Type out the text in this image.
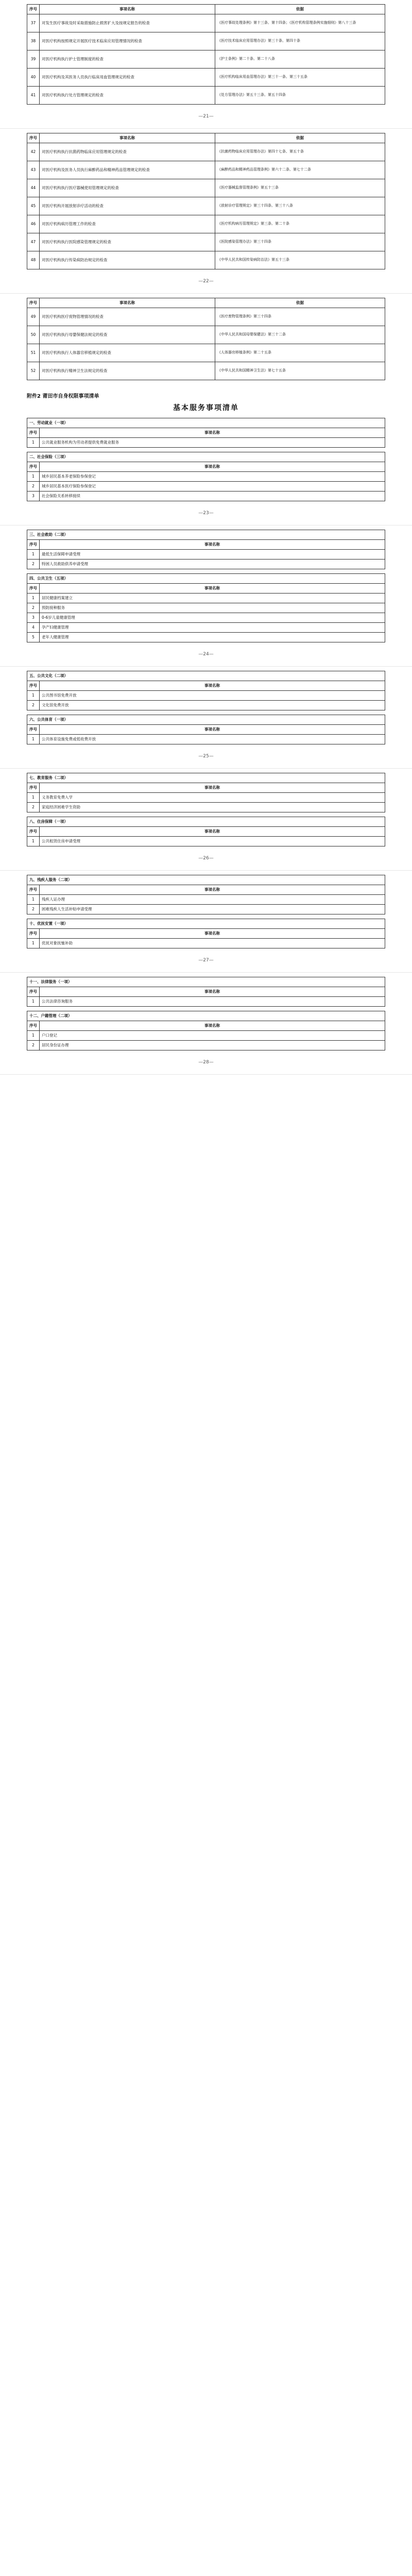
序号	事项名称	依据
37	对发生医疗事故及时采取措施防止损害扩大及按规定报告的检查	《医疗事故处理条例》第十三条、第十四条；《医疗机构管理条例实施细则》第八十三条
38	对医疗机构按照规定开展医疗技术临床应用管理情况的检查	《医疗技术临床应用管理办法》第三十条、第四十条
39	对医疗机构执行护士管理制度的检查	《护士条例》第二十条、第二十八条
40	对医疗机构及其医务人员执行临床用血管理规定的检查	《医疗机构临床用血管理办法》第三十一条、第三十五条
41	对医疗机构执行处方管理规定的检查	《处方管理办法》第五十三条、第五十四条
—21—
序号	事项名称	依据
42	对医疗机构执行抗菌药物临床应用管理规定的检查	《抗菌药物临床应用管理办法》第四十七条、第五十条
43	对医疗机构及医务人员执行麻醉药品和精神药品管理规定的检查	《麻醉药品和精神药品管理条例》第六十二条、第七十二条
44	对医疗机构执行医疗器械使用管理规定的检查	《医疗器械监督管理条例》第五十三条
45	对医疗机构开展放射诊疗活动的检查	《放射诊疗管理规定》第三十四条、第三十八条
46	对医疗机构病历管理工作的检查	《医疗机构病历管理规定》第三条、第二十条
47	对医疗机构执行医院感染管理规定的检查	《医院感染管理办法》第三十四条
48	对医疗机构执行传染病防治规定的检查	《中华人民共和国传染病防治法》第五十三条
—22—
序号	事项名称	依据
49	对医疗机构医疗废物管理情况的检查	《医疗废物管理条例》第三十四条
50	对医疗机构执行母婴保健法规定的检查	《中华人民共和国母婴保健法》第三十二条
51	对医疗机构执行人体器官移植规定的检查	《人体器官移植条例》第二十五条
52	对医疗机构执行精神卫生法规定的检查	《中华人民共和国精神卫生法》第七十五条
附件2 莆田市自身权限事项清单
基本服务事项清单
一、劳动就业（一项）	
序号	事项名称
1	公共就业服务机构为劳动者提供免费就业服务
二、社会保险（三项）	
序号	事项名称
1	城乡居民基本养老保险参保登记
2	城乡居民基本医疗保险参保登记
3	社会保险关系转移接续
—23—
三、社会救助（二项）	
序号	事项名称
1	最低生活保障申请受理
2	特困人员救助供养申请受理
四、公共卫生（五项）	
序号	事项名称
1	居民健康档案建立
2	预防接种服务
3	0-6岁儿童健康管理
4	孕产妇健康管理
5	老年人健康管理
—24—
五、公共文化（二项）	
序号	事项名称
1	公共图书馆免费开放
2	文化馆免费开放
六、公共体育（一项）	
序号	事项名称
1	公共体育设施免费或低收费开放
—25—
七、教育服务（二项）	
序号	事项名称
1	义务教育免费入学
2	家庭经济困难学生资助
八、住房保障（一项）	
序号	事项名称
1	公共租赁住房申请受理
—26—
九、残疾人服务（二项）	
序号	事项名称
1	残疾人证办理
2	困难残疾人生活补贴申请受理
十、优抚安置（一项）	
序号	事项名称
1	优抚对象抚恤补助
—27—
十一、法律服务（一项）	
序号	事项名称
1	公共法律咨询服务
十二、户籍管理（二项）	
序号	事项名称
1	户口登记
2	居民身份证办理
—28—
